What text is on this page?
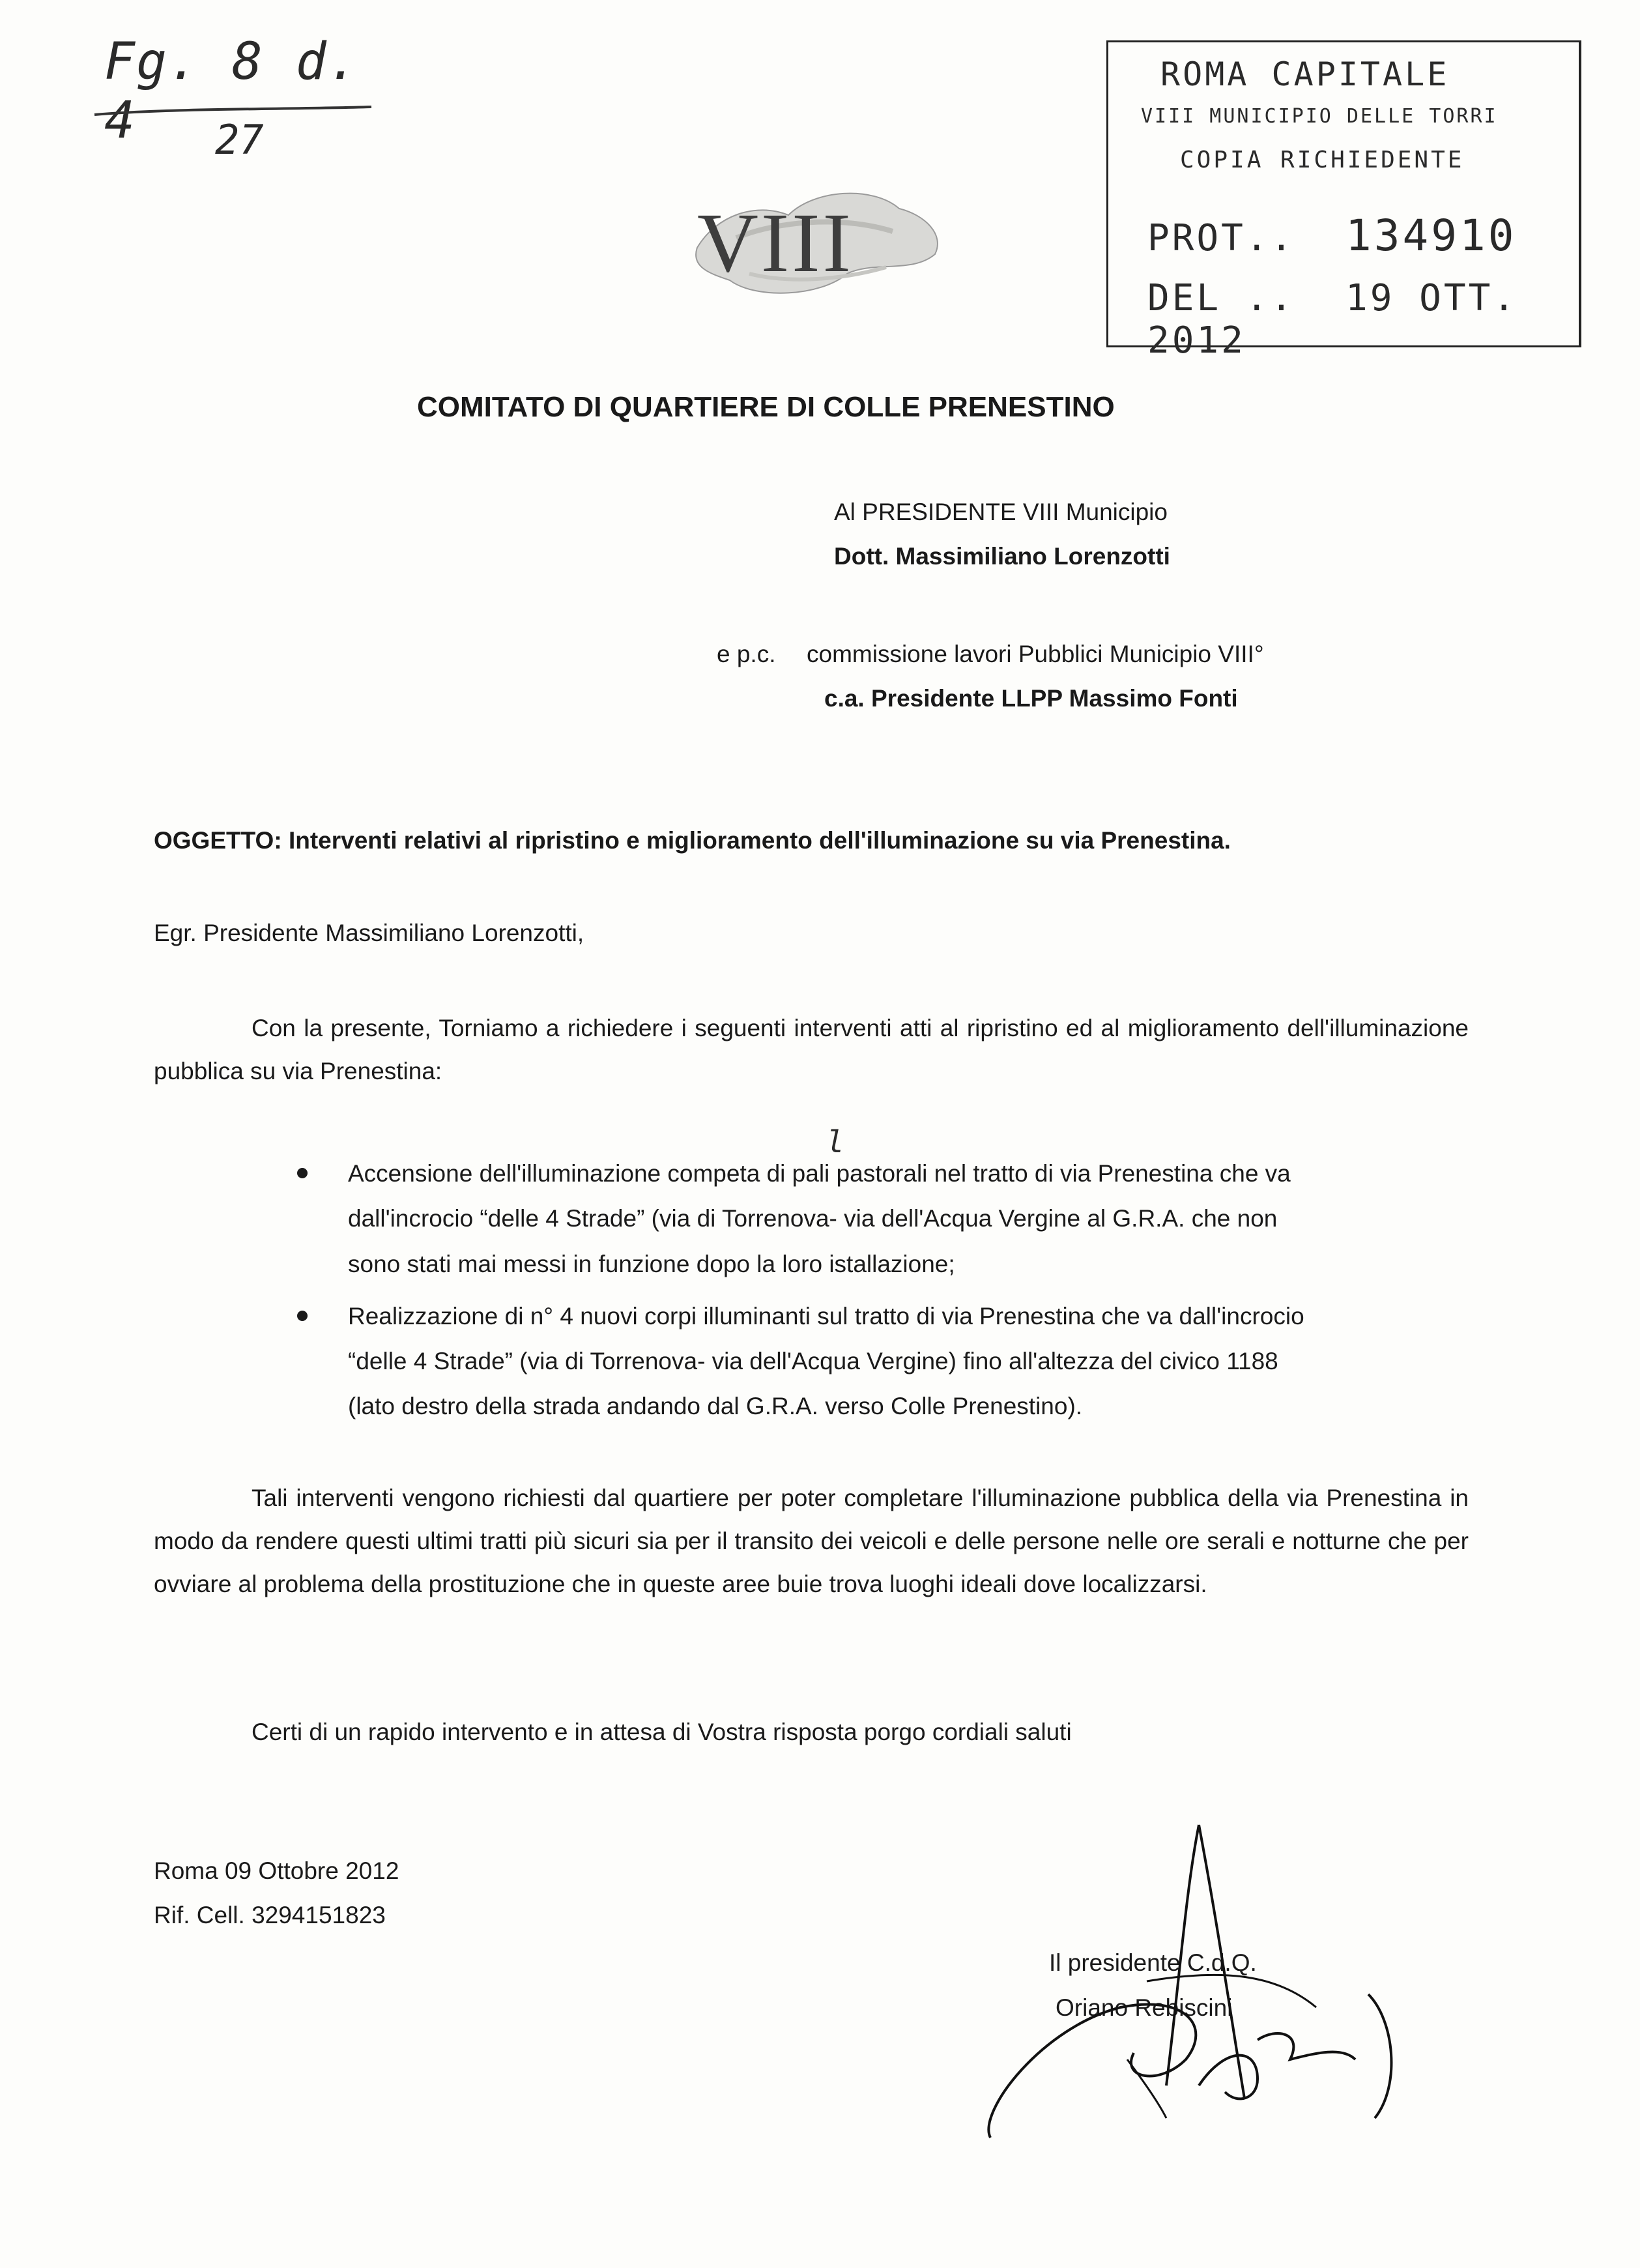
Fg. 8 d. 4	27
ROMA CAPITALE
VIII MUNICIPIO DELLE TORRI
COPIA RICHIEDENTE
PROT.. 134910
DEL .. 19 OTT. 2012
VIII
COMITATO DI QUARTIERE DI COLLE PRENESTINO
Al PRESIDENTE VIII Municipio
Dott. Massimiliano Lorenzotti
e p.c. commissione lavori Pubblici Municipio VIII°
c.a. Presidente LLPP Massimo Fonti
OGGETTO: Interventi relativi al ripristino e miglioramento dell'illuminazione su via Prenestina.
Egr. Presidente Massimiliano Lorenzotti,
Con la presente, Torniamo a richiedere i seguenti interventi atti al ripristino ed al miglioramento dell'illuminazione pubblica su via Prenestina:
l
Accensione dell'illuminazione competa di pali pastorali nel tratto di via Prenestina che va
dall'incrocio “delle 4 Strade” (via di Torrenova- via dell'Acqua Vergine al G.R.A. che non
sono stati mai messi in funzione dopo la loro istallazione;
Realizzazione di n° 4 nuovi corpi illuminanti sul tratto di via Prenestina che va dall'incrocio
“delle 4 Strade” (via di Torrenova- via dell'Acqua Vergine) fino all'altezza del civico 1188
(lato destro della strada andando dal G.R.A. verso Colle Prenestino).
Tali interventi vengono richiesti dal quartiere per poter completare l'illuminazione pubblica della via Prenestina in modo da rendere questi ultimi tratti più sicuri sia per il transito dei veicoli e delle persone nelle ore serali e notturne che per ovviare al problema della prostituzione che in queste aree buie trova luoghi ideali dove localizzarsi.
Certi di un rapido intervento e in attesa di Vostra risposta porgo cordiali saluti
Roma 09 Ottobre 2012
Rif. Cell. 3294151823
Il presidente C.d.Q.
Oriano Rebiscini
